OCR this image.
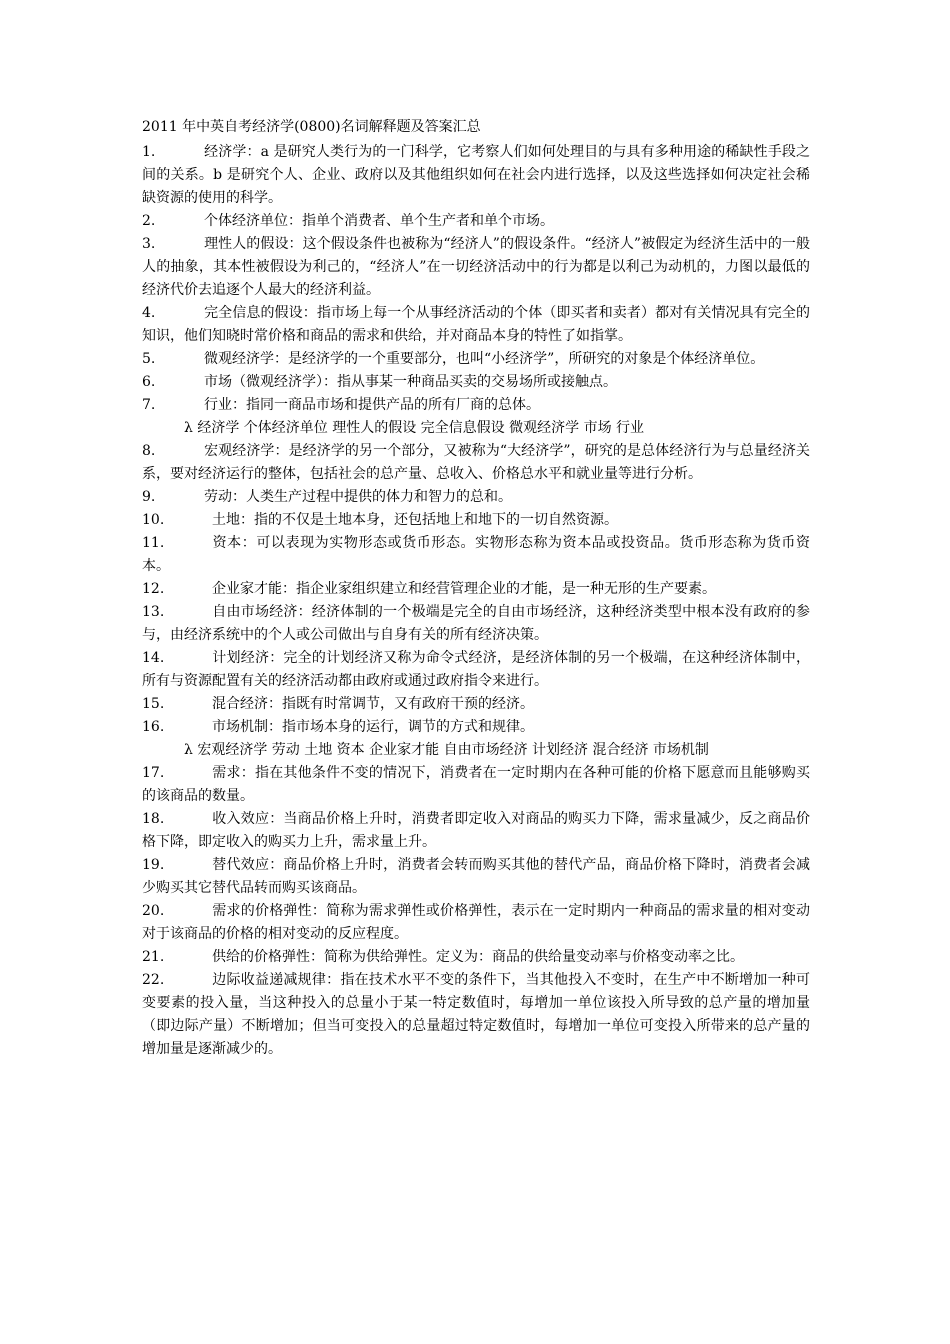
2011 年中英自考经济学(0800)名词解释题及答案汇总
1.	经济学：a 是研究人类行为的一门科学，它考察人们如何处理目的与具有多种用途的稀缺性手段之间的关系。b 是研究个人、企业、政府以及其他组织如何在社会内进行选择，以及这些选择如何决定社会稀缺资源的使用的科学。
2.	个体经济单位：指单个消费者、单个生产者和单个市场。
3.	理性人的假设：这个假设条件也被称为“经济人”的假设条件。“经济人”被假定为经济生活中的一般人的抽象，其本性被假设为利己的，“经济人”在一切经济活动中的行为都是以利己为动机的，力图以最低的经济代价去追逐个人最大的经济利益。
4.	完全信息的假设：指市场上每一个从事经济活动的个体（即买者和卖者）都对有关情况具有完全的知识，他们知晓时常价格和商品的需求和供给，并对商品本身的特性了如指掌。
5.	微观经济学：是经济学的一个重要部分，也叫“小经济学”，所研究的对象是个体经济单位。
6.	市场（微观经济学）：指从事某一种商品买卖的交易场所或接触点。
7.	行业：指同一商品市场和提供产品的所有厂商的总体。
λ 经济学 个体经济单位 理性人的假设 完全信息假设 微观经济学 市场 行业
8.	宏观经济学：是经济学的另一个部分，又被称为“大经济学”，研究的是总体经济行为与总量经济关系，要对经济运行的整体，包括社会的总产量、总收入、价格总水平和就业量等进行分析。
9.	劳动：人类生产过程中提供的体力和智力的总和。
10.	土地：指的不仅是土地本身，还包括地上和地下的一切自然资源。
11.	资本：可以表现为实物形态或货币形态。实物形态称为资本品或投资品。货币形态称为货币资本。
12.	企业家才能：指企业家组织建立和经营管理企业的才能，是一种无形的生产要素。
13.	自由市场经济：经济体制的一个极端是完全的自由市场经济，这种经济类型中根本没有政府的参与，由经济系统中的个人或公司做出与自身有关的所有经济决策。
14.	计划经济：完全的计划经济又称为命令式经济，是经济体制的另一个极端，在这种经济体制中，所有与资源配置有关的经济活动都由政府或通过政府指令来进行。
15.	混合经济：指既有时常调节，又有政府干预的经济。
16.	市场机制：指市场本身的运行，调节的方式和规律。
λ 宏观经济学 劳动 土地 资本 企业家才能 自由市场经济 计划经济 混合经济 市场机制
17.	需求：指在其他条件不变的情况下，消费者在一定时期内在各种可能的价格下愿意而且能够购买的该商品的数量。
18.	收入效应：当商品价格上升时，消费者即定收入对商品的购买力下降，需求量减少，反之商品价格下降，即定收入的购买力上升，需求量上升。
19.	替代效应：商品价格上升时，消费者会转而购买其他的替代产品，商品价格下降时，消费者会减少购买其它替代品转而购买该商品。
20.	需求的价格弹性：简称为需求弹性或价格弹性，表示在一定时期内一种商品的需求量的相对变动对于该商品的价格的相对变动的反应程度。
21.	供给的价格弹性：简称为供给弹性。定义为：商品的供给量变动率与价格变动率之比。
22.	边际收益递减规律：指在技术水平不变的条件下，当其他投入不变时，在生产中不断增加一种可变要素的投入量，当这种投入的总量小于某一特定数值时，每增加一单位该投入所导致的总产量的增加量（即边际产量）不断增加；但当可变投入的总量超过特定数值时，每增加一单位可变投入所带来的总产量的增加量是逐渐减少的。
